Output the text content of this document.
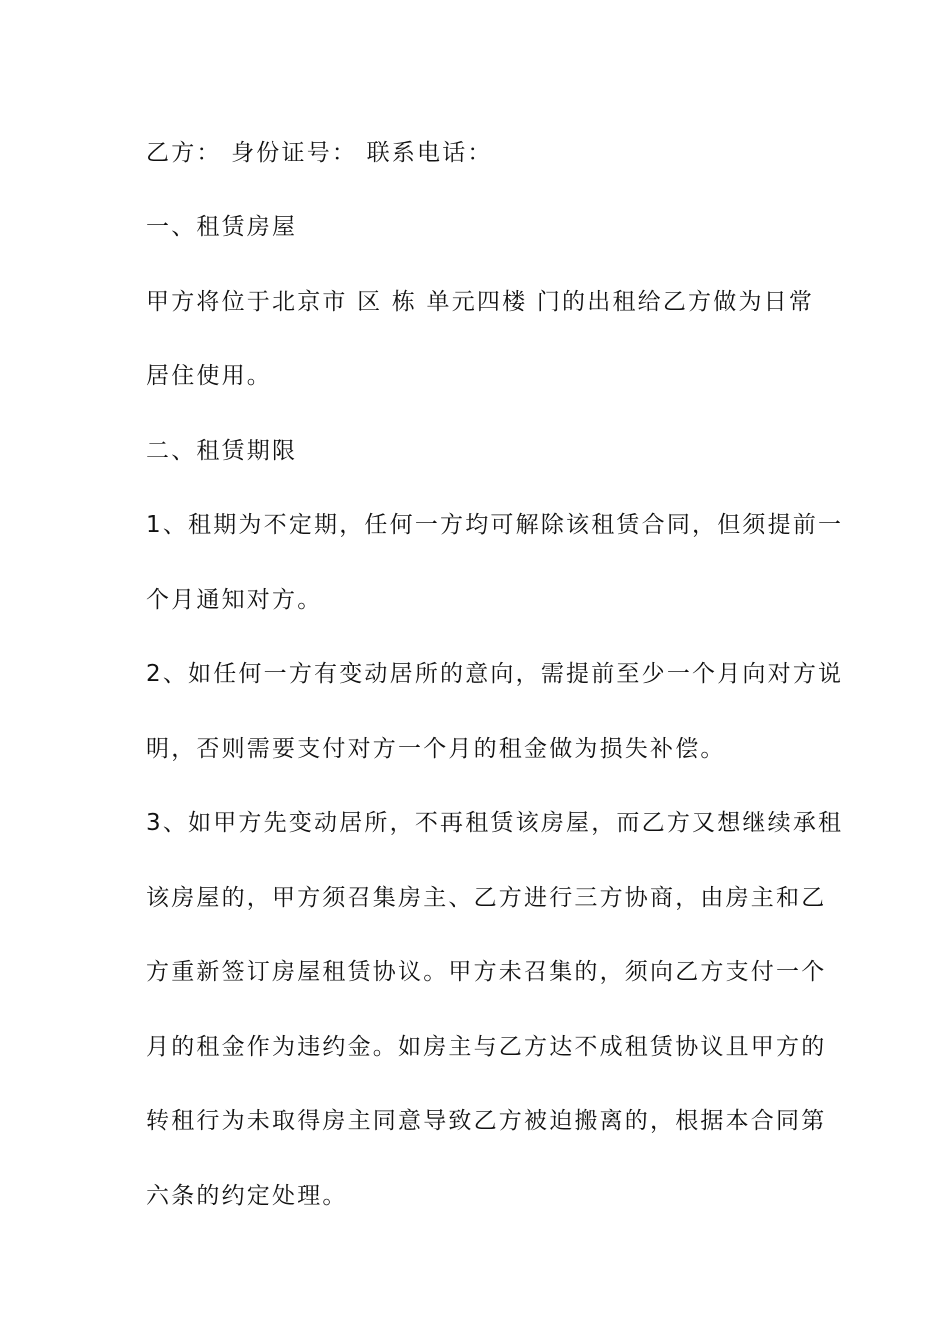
乙方： 身份证号： 联系电话：
一、租赁房屋
甲方将位于北京市 区 栋 单元四楼 门的出租给乙方做为日常
居住使用。
二、租赁期限
1、租期为不定期，任何一方均可解除该租赁合同，但须提前一
个月通知对方。
2、如任何一方有变动居所的意向，需提前至少一个月向对方说
明，否则需要支付对方一个月的租金做为损失补偿。
3、如甲方先变动居所，不再租赁该房屋，而乙方又想继续承租
该房屋的，甲方须召集房主、乙方进行三方协商，由房主和乙
方重新签订房屋租赁协议。甲方未召集的，须向乙方支付一个
月的租金作为违约金。如房主与乙方达不成租赁协议且甲方的
转租行为未取得房主同意导致乙方被迫搬离的，根据本合同第
六条的约定处理。
